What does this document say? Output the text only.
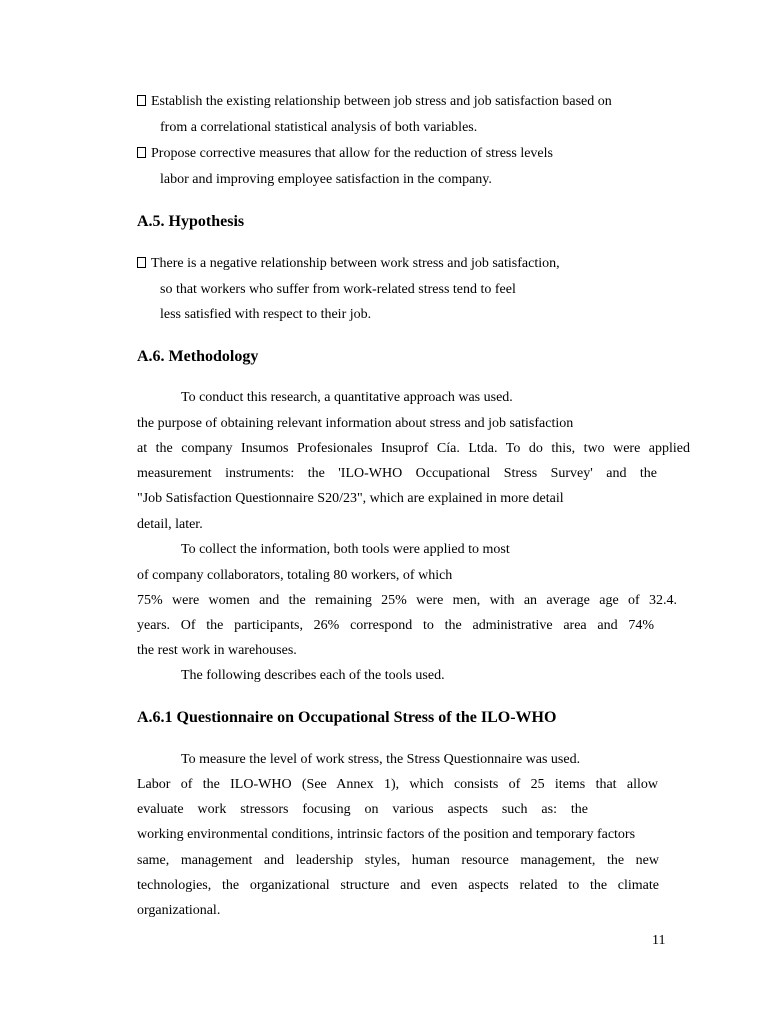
Establish the existing relationship between job stress and job satisfaction based on
from a correlational statistical analysis of both variables.
Propose corrective measures that allow for the reduction of stress levels
labor and improving employee satisfaction in the company.
A.5. Hypothesis
There is a negative relationship between work stress and job satisfaction,
so that workers who suffer from work-related stress tend to feel
less satisfied with respect to their job.
A.6. Methodology
To conduct this research, a quantitative approach was used.
the purpose of obtaining relevant information about stress and job satisfaction
at the company Insumos Profesionales Insuprof Cía. Ltda. To do this, two were applied
measurement instruments: the 'ILO-WHO Occupational Stress Survey' and the
"Job Satisfaction Questionnaire S20/23", which are explained in more detail
detail, later.
To collect the information, both tools were applied to most
of company collaborators, totaling 80 workers, of which
75% were women and the remaining 25% were men, with an average age of 32.4.
years. Of the participants, 26% correspond to the administrative area and 74%
the rest work in warehouses.
The following describes each of the tools used.
A.6.1 Questionnaire on Occupational Stress of the ILO-WHO
To measure the level of work stress, the Stress Questionnaire was used.
Labor of the ILO-WHO (See Annex 1), which consists of 25 items that allow
evaluate work stressors focusing on various aspects such as: the
working environmental conditions, intrinsic factors of the position and temporary factors
same, management and leadership styles, human resource management, the new
technologies, the organizational structure and even aspects related to the climate
organizational.
11
